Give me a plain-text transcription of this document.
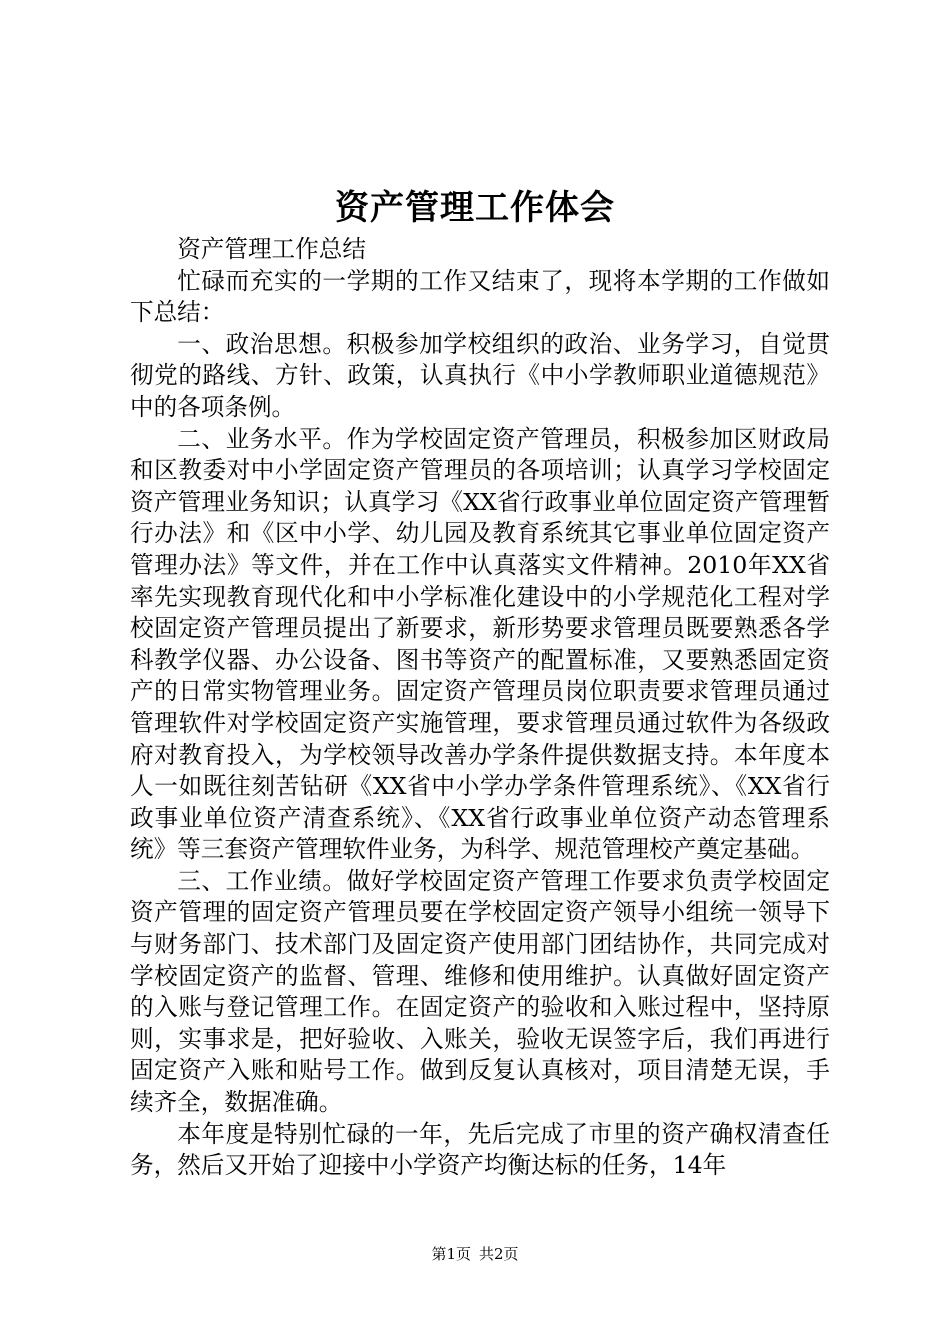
资产管理工作体会

资产管理工作总结

忙碌而充实的一学期的工作又结束了，现将本学期的工作做如下总结：

一、政治思想。积极参加学校组织的政治、业务学习，自觉贯彻党的路线、方针、政策，认真执行《中小学教师职业道德规范》中的各项条例。

二、业务水平。作为学校固定资产管理员，积极参加区财政局和区教委对中小学固定资产管理员的各项培训；认真学习学校固定资产管理业务知识；认真学习《XX省行政事业单位固定资产管理暂行办法》和《区中小学、幼儿园及教育系统其它事业单位固定资产管理办法》等文件，并在工作中认真落实文件精神。2010年XX省率先实现教育现代化和中小学标准化建设中的小学规范化工程对学校固定资产管理员提出了新要求，新形势要求管理员既要熟悉各学科教学仪器、办公设备、图书等资产的配置标准，又要熟悉固定资产的日常实物管理业务。固定资产管理员岗位职责要求管理员通过管理软件对学校固定资产实施管理，要求管理员通过软件为各级政府对教育投入，为学校领导改善办学条件提供数据支持。本年度本人一如既往刻苦钻研《XX省中小学办学条件管理系统》、《XX省行政事业单位资产清查系统》、《XX省行政事业单位资产动态管理系统》等三套资产管理软件业务，为科学、规范管理校产奠定基础。

三、工作业绩。做好学校固定资产管理工作要求负责学校固定资产管理的固定资产管理员要在学校固定资产领导小组统一领导下与财务部门、技术部门及固定资产使用部门团结协作，共同完成对学校固定资产的监督、管理、维修和使用维护。认真做好固定资产的入账与登记管理工作。在固定资产的验收和入账过程中，坚持原则，实事求是，把好验收、入账关，验收无误签字后，我们再进行固定资产入账和贴号工作。做到反复认真核对，项目清楚无误，手续齐全，数据准确。

本年度是特别忙碌的一年，先后完成了市里的资产确权清查任务，然后又开始了迎接中小学资产均衡达标的任务，14年

第1页 共2页
